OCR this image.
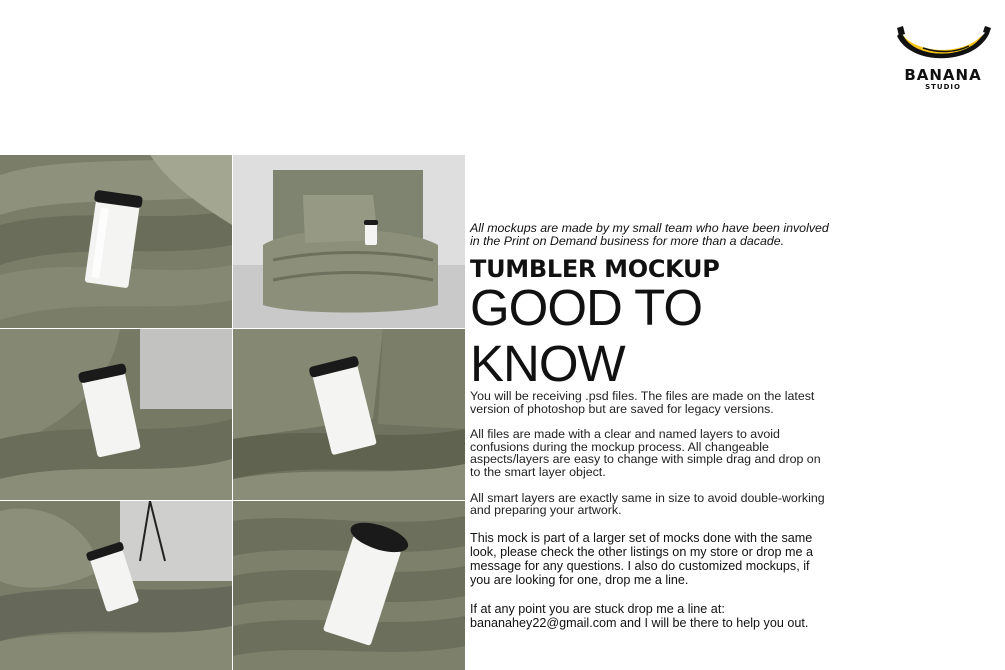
BANANA
STUDIO

All mockups are made by my small team who have been involved in the Print on Demand business for more than a dacade.

TUMBLER MOCKUP
GOOD TO KNOW

You will be receiving .psd files. The files are made on the latest version of photoshop but are saved for legacy versions.

All files are made with a clear and named layers to avoid confusions during the mockup process. All changeable aspects/layers are easy to change with simple drag and drop on to the smart layer object.

All smart layers are exactly same in size to avoid double-working and preparing your artwork.

This mock is part of a larger set of mocks done with the same look, please check the other listings on my store or drop me a message for any questions. I also do customized mockups, if you are looking for one, drop me a line.

If at any point you are stuck drop me a line at: bananahey22@gmail.com and I will be there to help you out.
